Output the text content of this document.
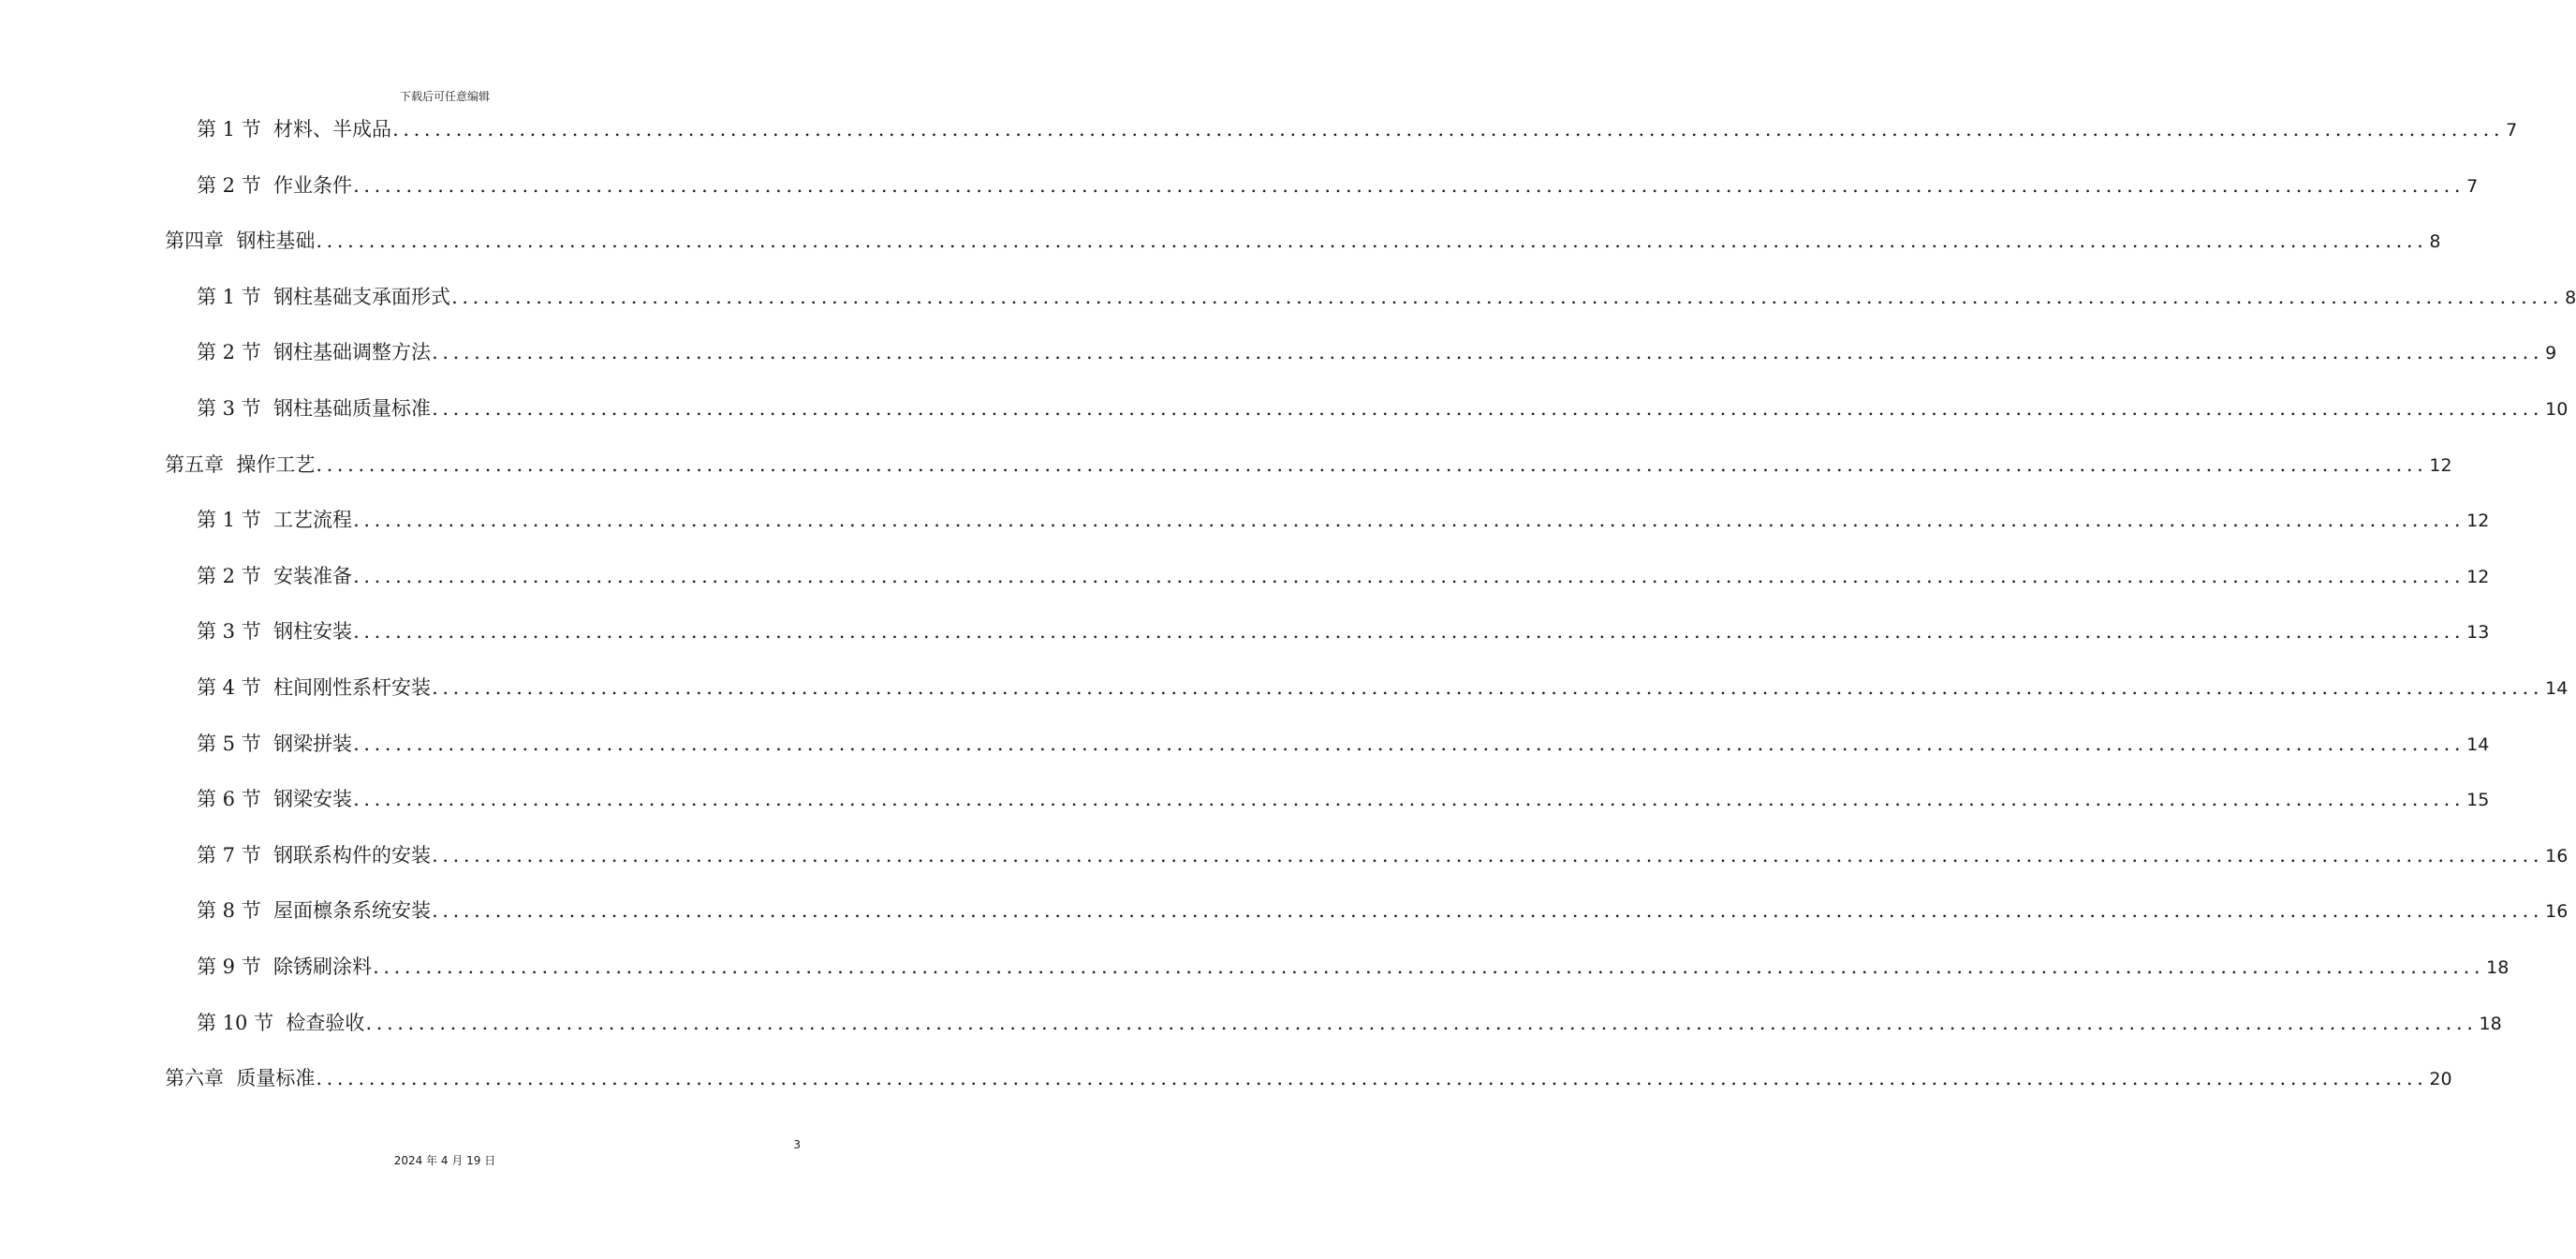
下载后可任意编辑
第 1 节  材料、半成品 ........................................................................................................................................................................................................ 7
第 2 节  作业条件 ........................................................................................................................................................................................................ 7
第四章  钢柱基础 ........................................................................................................................................................................................................ 8
第 1 节  钢柱基础支承面形式 ........................................................................................................................................................................................................ 8
第 2 节  钢柱基础调整方法 ........................................................................................................................................................................................................ 9
第 3 节  钢柱基础质量标准 ........................................................................................................................................................................................................ 10
第五章  操作工艺 ........................................................................................................................................................................................................ 12
第 1 节  工艺流程 ........................................................................................................................................................................................................ 12
第 2 节  安装准备 ........................................................................................................................................................................................................ 12
第 3 节  钢柱安装 ........................................................................................................................................................................................................ 13
第 4 节  柱间刚性系杆安装 ........................................................................................................................................................................................................ 14
第 5 节  钢梁拼装 ........................................................................................................................................................................................................ 14
第 6 节  钢梁安装 ........................................................................................................................................................................................................ 15
第 7 节  钢联系构件的安装 ........................................................................................................................................................................................................ 16
第 8 节  屋面檩条系统安装 ........................................................................................................................................................................................................ 16
第 9 节  除锈刷涂料 ........................................................................................................................................................................................................ 18
第 10 节  检查验收 ........................................................................................................................................................................................................ 18
第六章  质量标准 ........................................................................................................................................................................................................ 20
3
2024 年 4 月 19 日
